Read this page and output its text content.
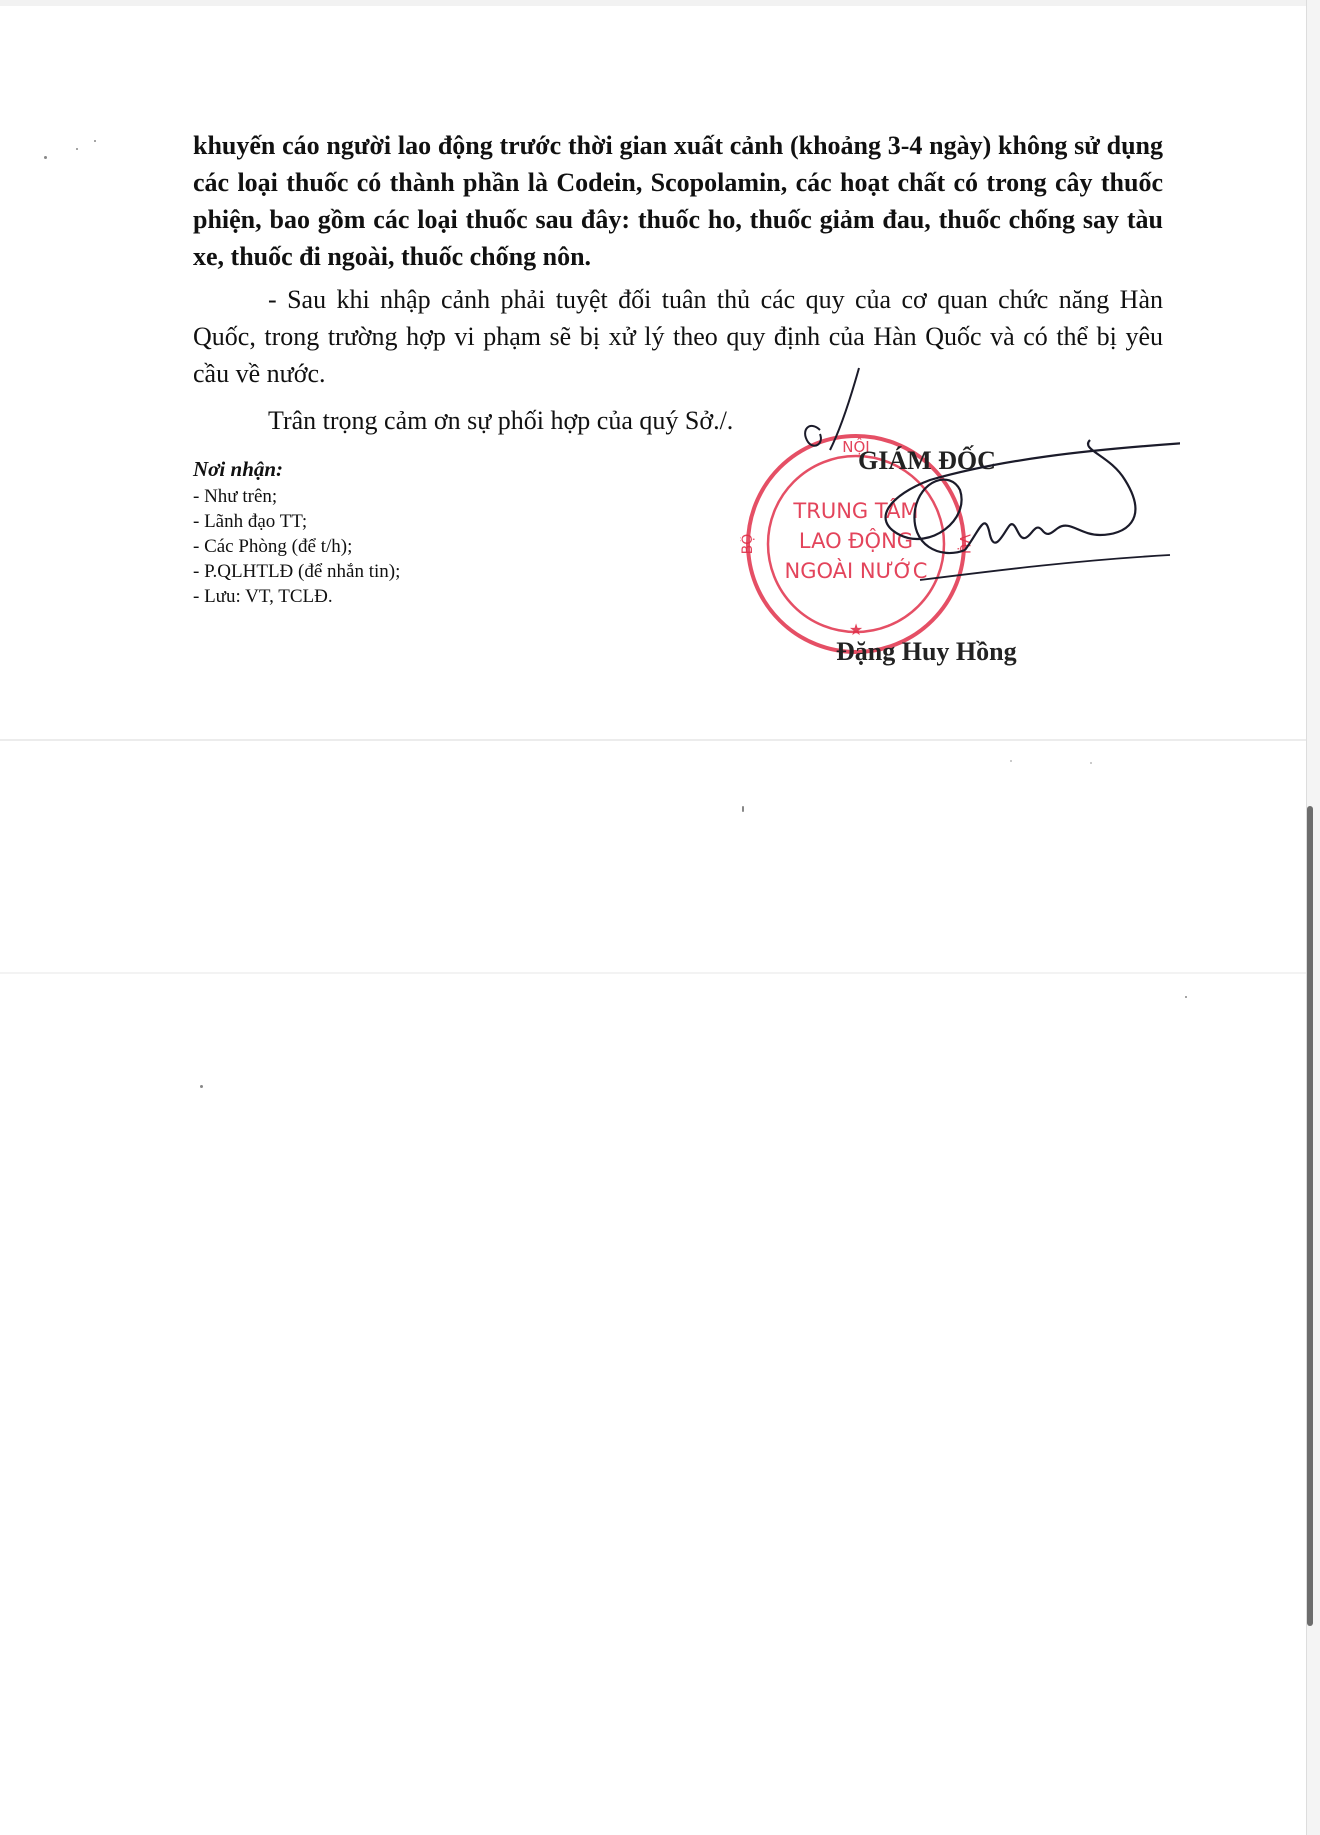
khuyến cáo người lao động trước thời gian xuất cảnh (khoảng 3-4 ngày) không sử dụng các loại thuốc có thành phần là Codein, Scopolamin, các hoạt chất có trong cây thuốc phiện, bao gồm các loại thuốc sau đây: thuốc ho, thuốc giảm đau, thuốc chống say tàu xe, thuốc đi ngoài, thuốc chống nôn.

- Sau khi nhập cảnh phải tuyệt đối tuân thủ các quy của cơ quan chức năng Hàn Quốc, trong trường hợp vi phạm sẽ bị xử lý theo quy định của Hàn Quốc và có thể bị yêu cầu về nước.

Trân trọng cảm ơn sự phối hợp của quý Sở./.

Nơi nhận:
- Như trên;
- Lãnh đạo TT;
- Các Phòng (để t/h);
- P.QLHTLĐ (để nhắn tin);
- Lưu: VT, TCLĐ.
NỘI
BỘ	VỤ
TRUNG TÂM
LAO ĐỘNG
NGOÀI NƯỚC
★
GIÁM ĐỐC
Đặng Huy Hồng
